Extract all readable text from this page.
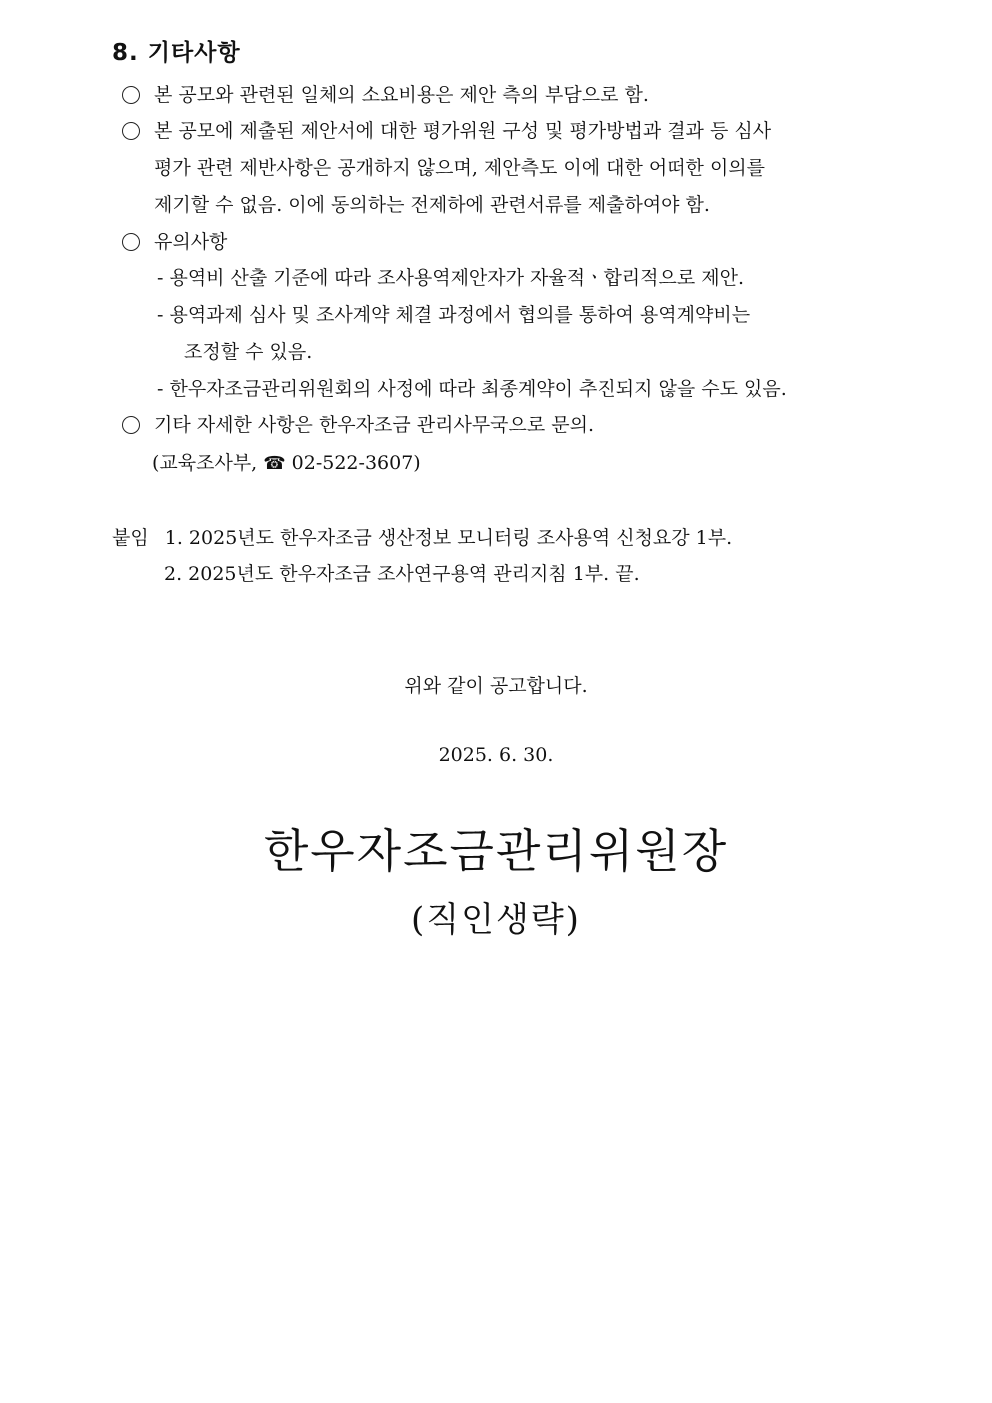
8. 기타사항
본 공모와 관련된 일체의 소요비용은 제안 측의 부담으로 함.
본 공모에 제출된 제안서에 대한 평가위원 구성 및 평가방법과 결과 등 심사
평가 관련 제반사항은 공개하지 않으며, 제안측도 이에 대한 어떠한 이의를
제기할 수 없음. 이에 동의하는 전제하에 관련서류를 제출하여야 함.
유의사항
- 용역비 산출 기준에 따라 조사용역제안자가 자율적ㆍ합리적으로 제안.
- 용역과제 심사 및 조사계약 체결 과정에서 협의를 통하여 용역계약비는
조정할 수 있음.
- 한우자조금관리위원회의 사정에 따라 최종계약이 추진되지 않을 수도 있음.
기타 자세한 사항은 한우자조금 관리사무국으로 문의.
(교육조사부, ☎ 02-522-3607)
붙임 1. 2025년도 한우자조금 생산정보 모니터링 조사용역 신청요강 1부.
2. 2025년도 한우자조금 조사연구용역 관리지침 1부. 끝.
위와 같이 공고합니다.
2025. 6. 30.
한우자조금관리위원장
(직인생략)
